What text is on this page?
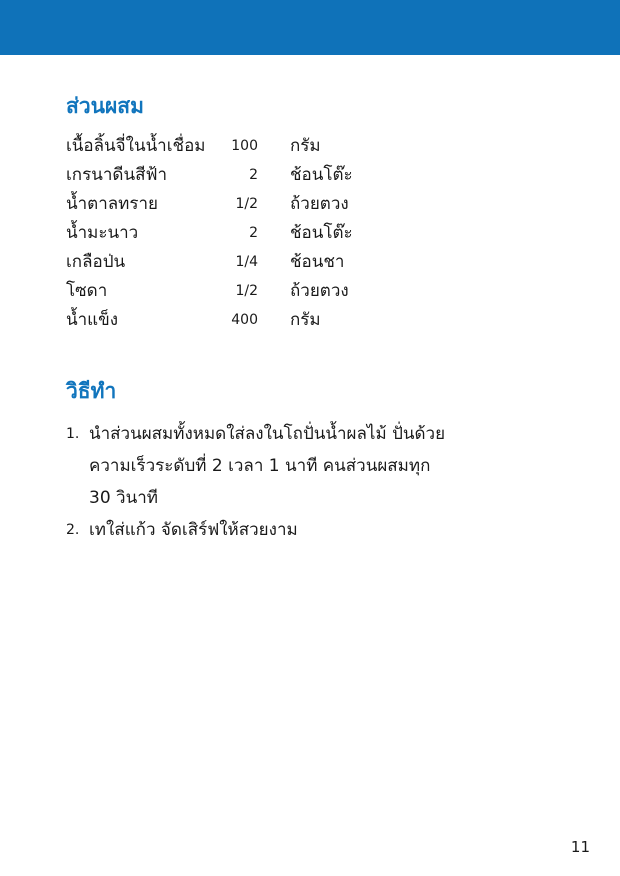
ส่วนผสม
เนื้อลิ้นจี่ในน้ำเชื่อม	100 กรัม
เกรนาดีนสีฟ้า	2 ช้อนโต๊ะ
น้ำตาลทราย	1/2 ถ้วยตวง
น้ำมะนาว	2 ช้อนโต๊ะ
เกลือป่น	1/4 ช้อนชา
โซดา	1/2 ถ้วยตวง
น้ำแข็ง	400 กรัม
วิธีทำ
1. นำส่วนผสมทั้งหมดใส่ลงในโถปั่นน้ำผลไม้ ปั่นด้วย
ความเร็วระดับที่ 2 เวลา 1 นาที คนส่วนผสมทุก
30 วินาที
2. เทใส่แก้ว จัดเสิร์ฟให้สวยงาม
11
